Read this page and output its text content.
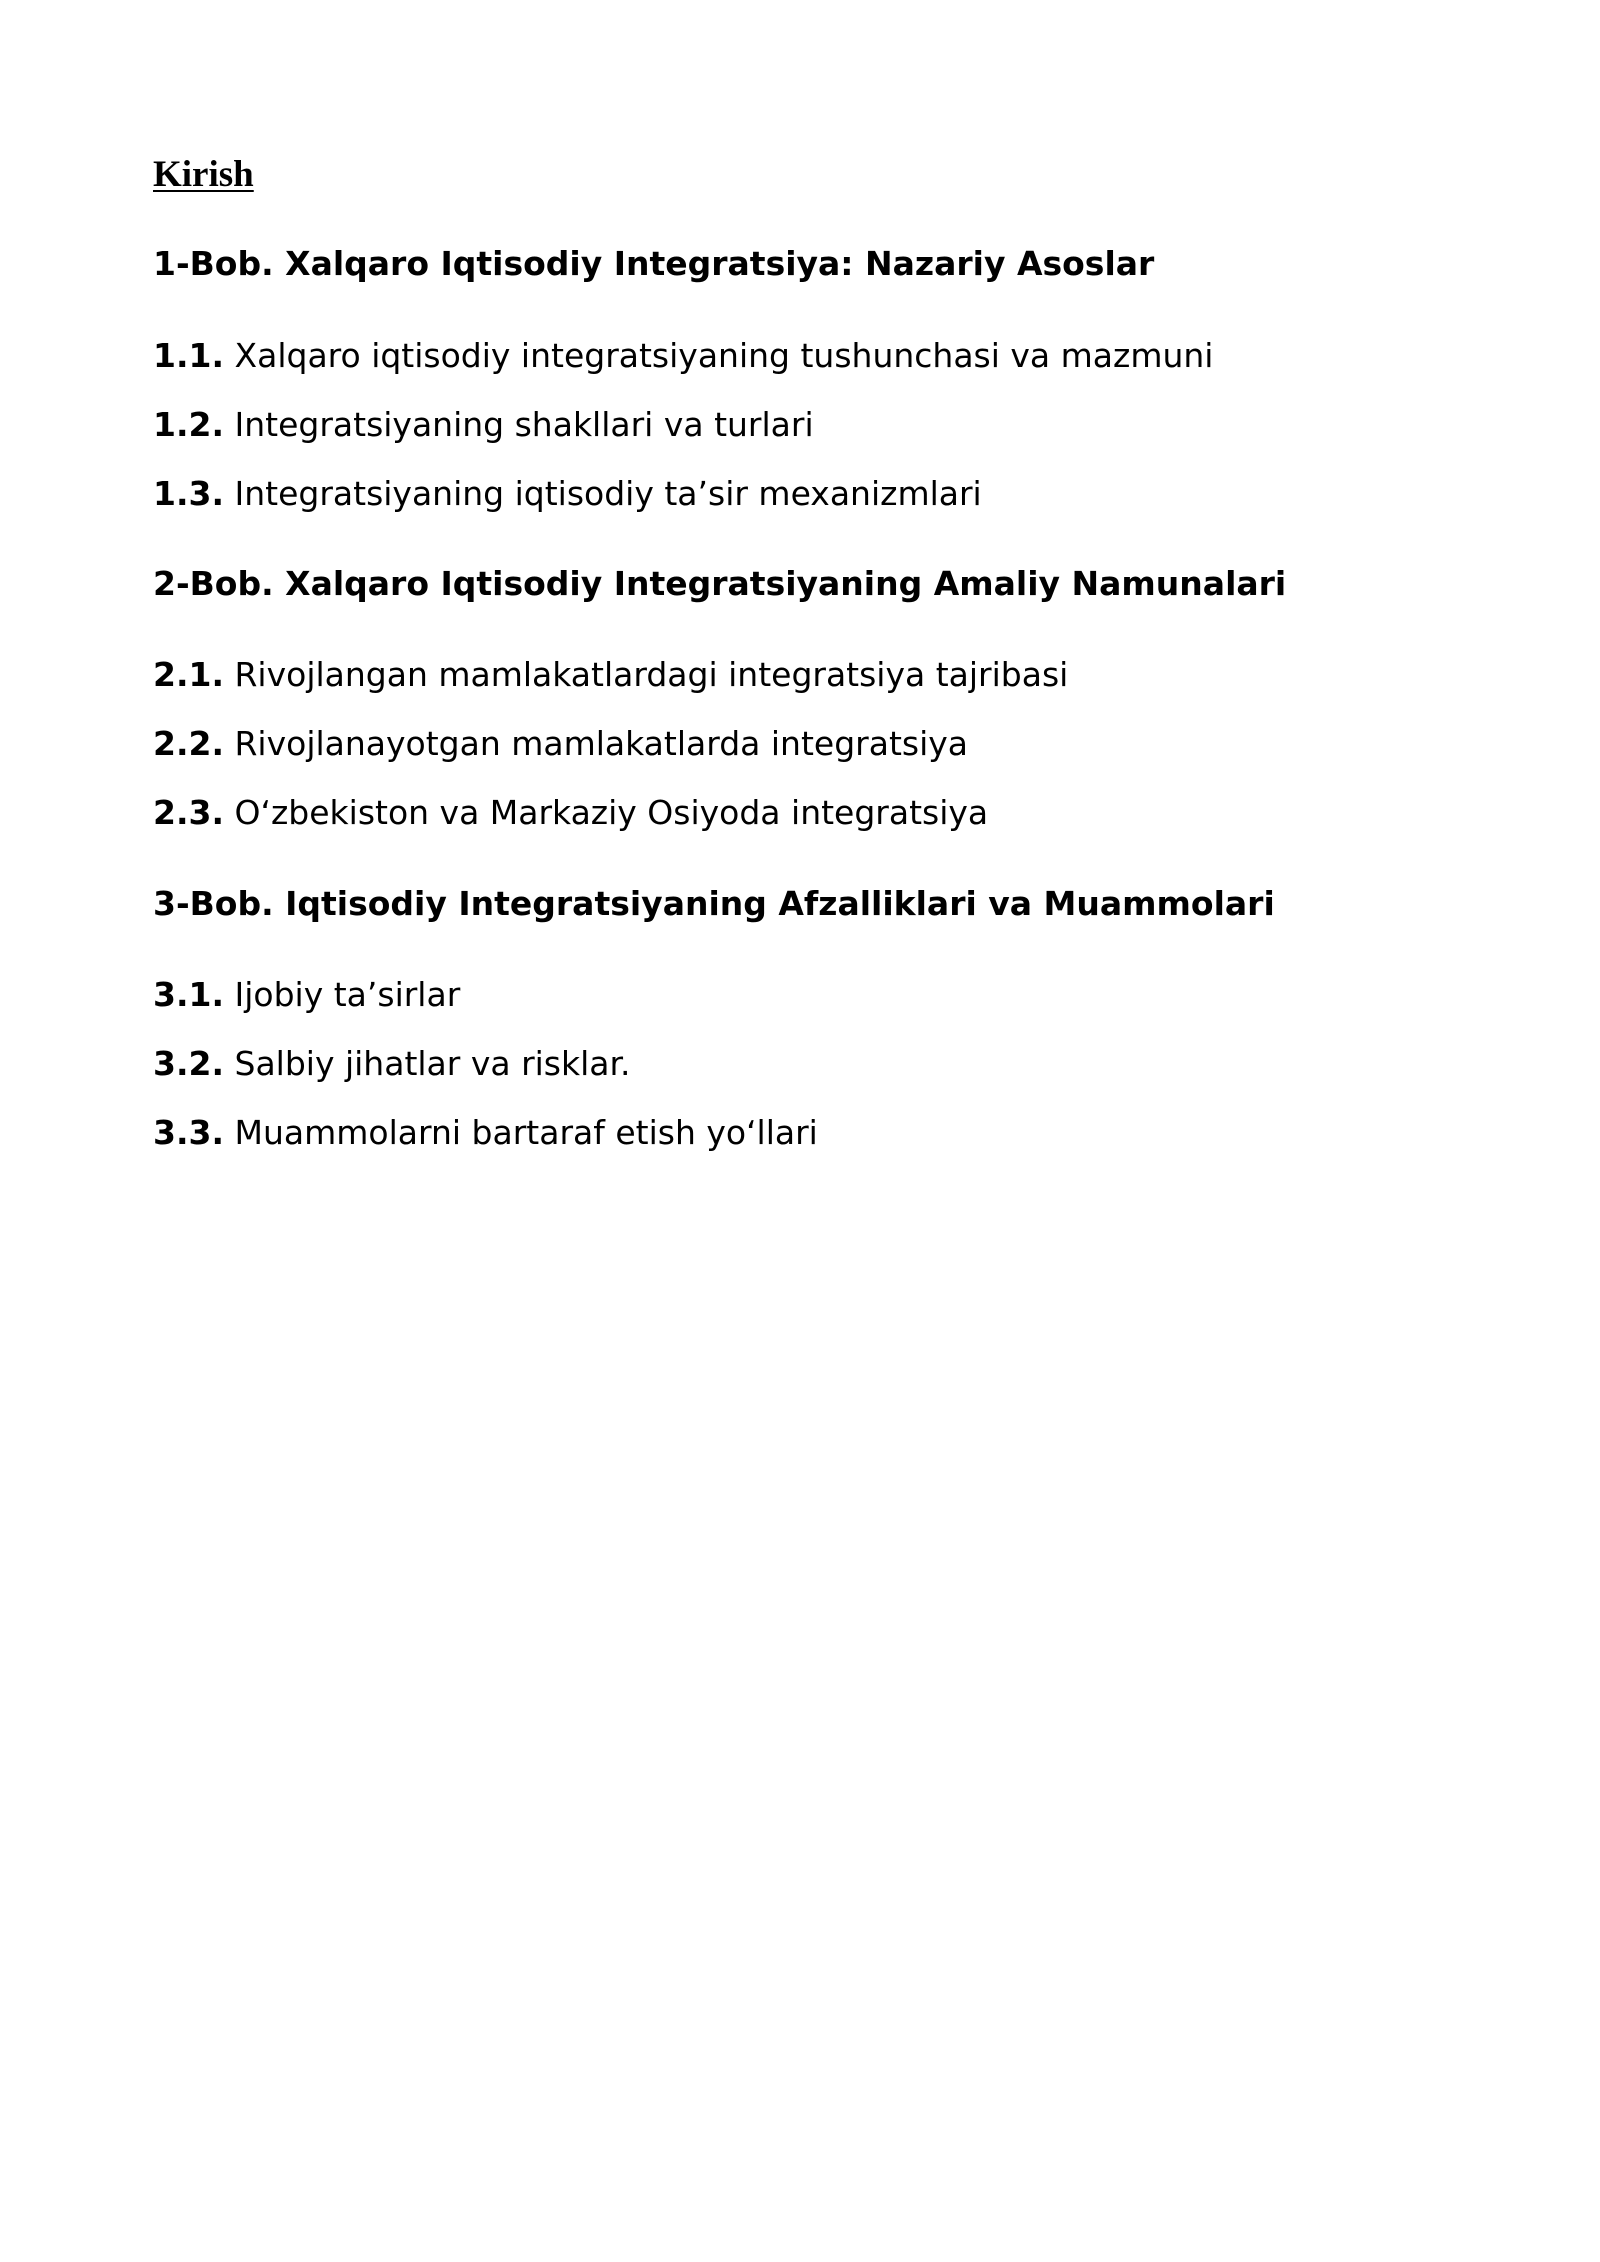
Kirish

1-Bob. Xalqaro Iqtisodiy Integratsiya: Nazariy Asoslar

1.1. Xalqaro iqtisodiy integratsiyaning tushunchasi va mazmuni

1.2. Integratsiyaning shakllari va turlari

1.3. Integratsiyaning iqtisodiy ta’sir mexanizmlari

2-Bob. Xalqaro Iqtisodiy Integratsiyaning Amaliy Namunalari

2.1. Rivojlangan mamlakatlardagi integratsiya tajribasi

2.2. Rivojlanayotgan mamlakatlarda integratsiya

2.3. O‘zbekiston va Markaziy Osiyoda integratsiya

3-Bob. Iqtisodiy Integratsiyaning Afzalliklari va Muammolari

3.1. Ijobiy ta’sirlar

3.2. Salbiy jihatlar va risklar.

3.3. Muammolarni bartaraf etish yo‘llari
